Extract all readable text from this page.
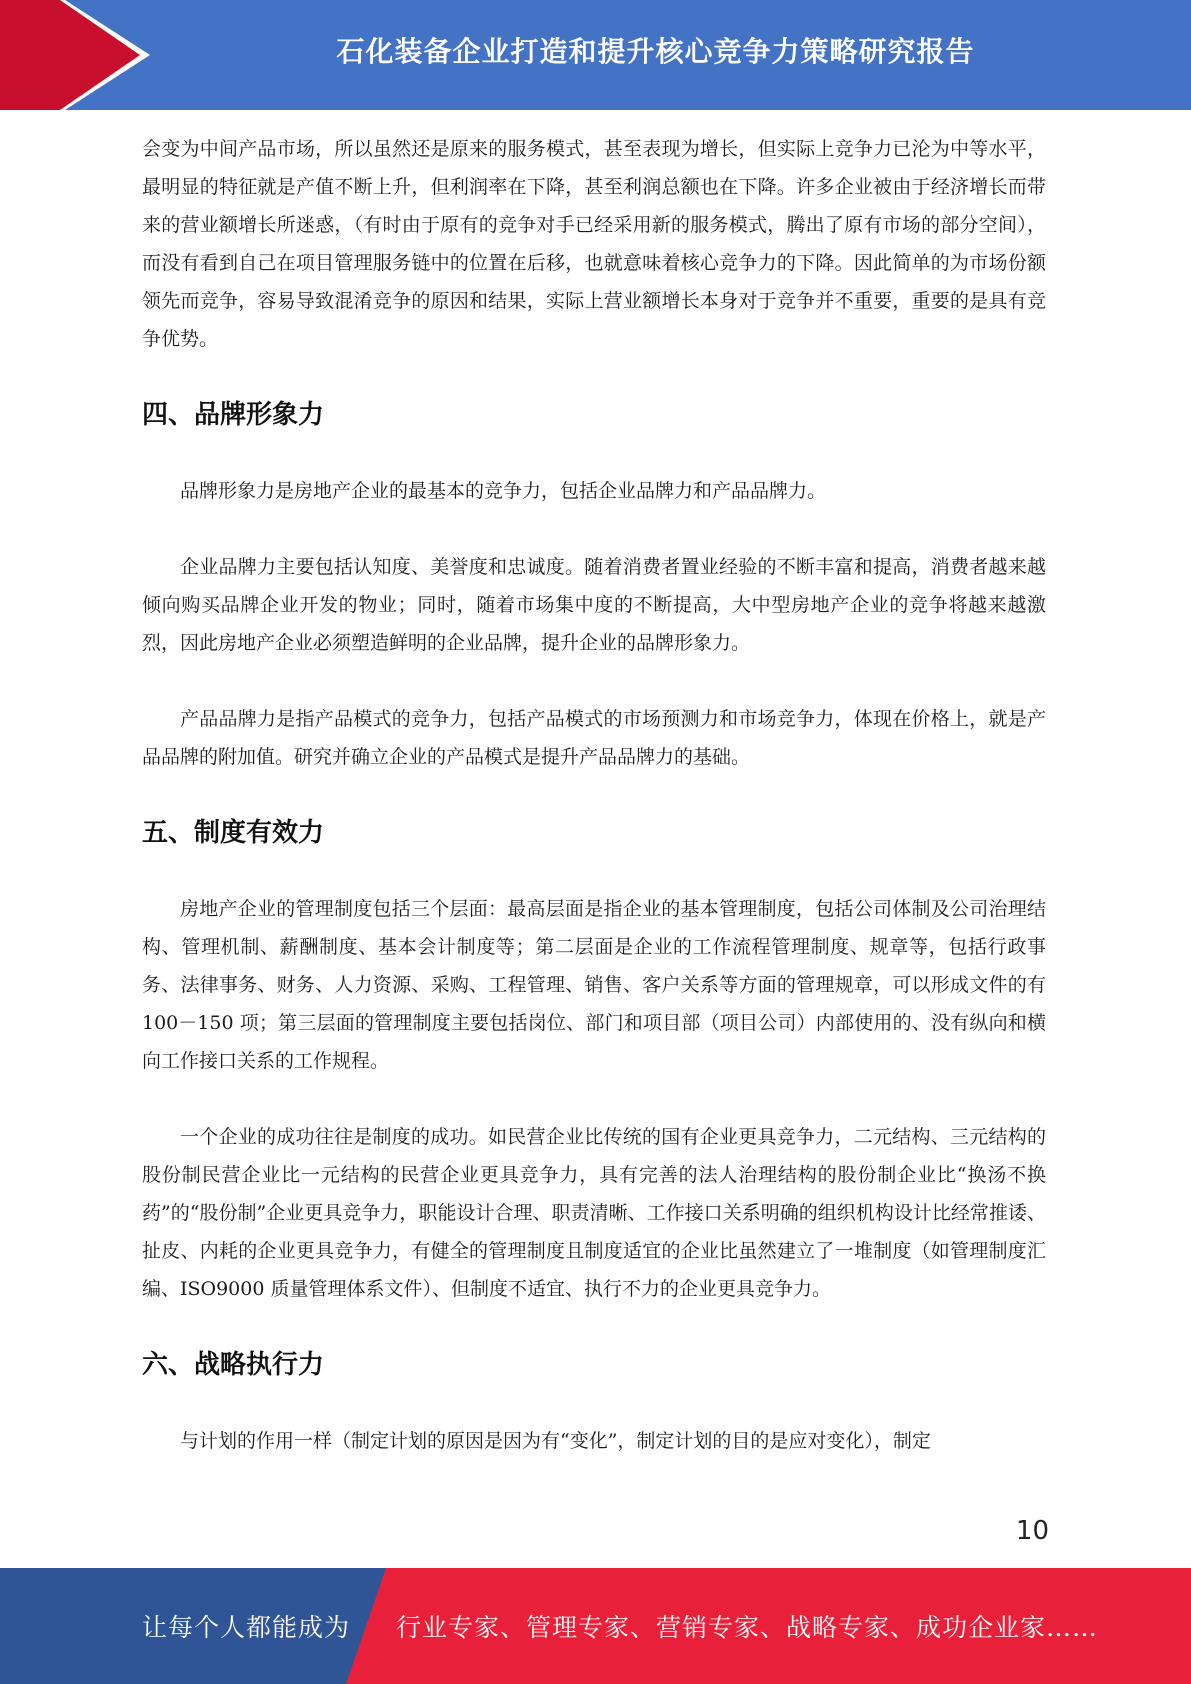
石化装备企业打造和提升核心竞争力策略研究报告

会变为中间产品市场，所以虽然还是原来的服务模式，甚至表现为增长，但实际上竞争力已沦为中等水平，最明显的特征就是产值不断上升，但利润率在下降，甚至利润总额也在下降。许多企业被由于经济增长而带来的营业额增长所迷惑，（有时由于原有的竞争对手已经采用新的服务模式，腾出了原有市场的部分空间），而没有看到自己在项目管理服务链中的位置在后移，也就意味着核心竞争力的下降。因此简单的为市场份额领先而竞争，容易导致混淆竞争的原因和结果，实际上营业额增长本身对于竞争并不重要，重要的是具有竞争优势。

四、品牌形象力

品牌形象力是房地产企业的最基本的竞争力，包括企业品牌力和产品品牌力。

企业品牌力主要包括认知度、美誉度和忠诚度。随着消费者置业经验的不断丰富和提高，消费者越来越倾向购买品牌企业开发的物业；同时，随着市场集中度的不断提高，大中型房地产企业的竞争将越来越激烈，因此房地产企业必须塑造鲜明的企业品牌，提升企业的品牌形象力。

产品品牌力是指产品模式的竞争力，包括产品模式的市场预测力和市场竞争力，体现在价格上，就是产品品牌的附加值。研究并确立企业的产品模式是提升产品品牌力的基础。

五、制度有效力

房地产企业的管理制度包括三个层面：最高层面是指企业的基本管理制度，包括公司体制及公司治理结构、管理机制、薪酬制度、基本会计制度等；第二层面是企业的工作流程管理制度、规章等，包括行政事务、法律事务、财务、人力资源、采购、工程管理、销售、客户关系等方面的管理规章，可以形成文件的有 100－150 项；第三层面的管理制度主要包括岗位、部门和项目部（项目公司）内部使用的、没有纵向和横向工作接口关系的工作规程。

一个企业的成功往往是制度的成功。如民营企业比传统的国有企业更具竞争力，二元结构、三元结构的股份制民营企业比一元结构的民营企业更具竞争力，具有完善的法人治理结构的股份制企业比“换汤不换药”的“股份制”企业更具竞争力，职能设计合理、职责清晰、工作接口关系明确的组织机构设计比经常推诿、扯皮、内耗的企业更具竞争力，有健全的管理制度且制度适宜的企业比虽然建立了一堆制度（如管理制度汇编、ISO9000 质量管理体系文件）、但制度不适宜、执行不力的企业更具竞争力。

六、战略执行力

与计划的作用一样（制定计划的原因是因为有“变化”，制定计划的目的是应对变化），制定

10
让每个人都能成为 行业专家、管理专家、营销专家、战略专家、成功企业家……
